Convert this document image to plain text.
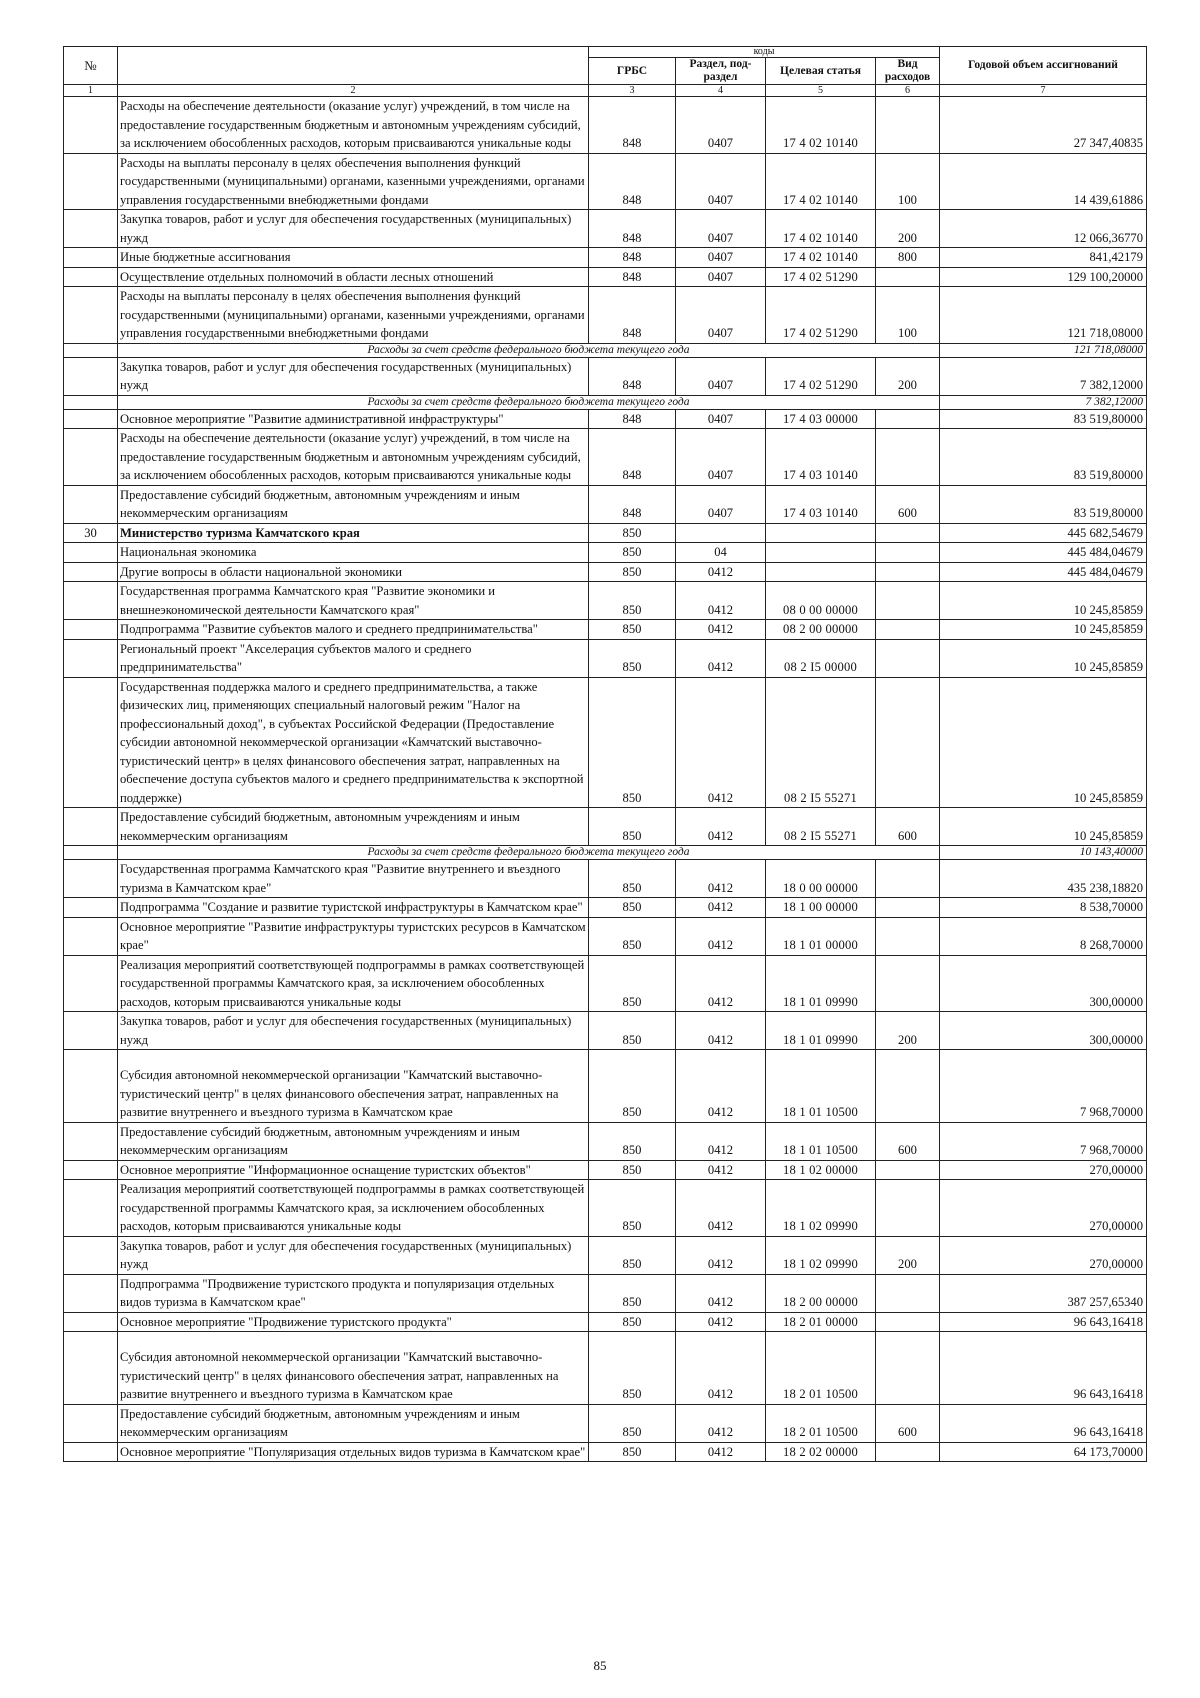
№		коды				Годовой объем ассигнований
		ГРБС	Раздел, под-раздел	Целевая статья	Вид расходов	
1	2	3	4	5	6	7
	Расходы на обеспечение деятельности (оказание услуг) учреждений, в том числе на предоставление государственным бюджетным и автономным учреждениям субсидий, за исключением обособленных расходов, которым присваиваются уникальные коды	848	0407	17 4 02 10140		27 347,40835
	Расходы на выплаты персоналу в целях обеспечения выполнения функций государственными (муниципальными) органами, казенными учреждениями, органами управления государственными внебюджетными фондами	848	0407	17 4 02 10140	100	14 439,61886
	Закупка товаров, работ и услуг для обеспечения государственных (муниципальных) нужд	848	0407	17 4 02 10140	200	12 066,36770
	Иные бюджетные ассигнования	848	0407	17 4 02 10140	800	841,42179
	Осуществление отдельных полномочий в области лесных отношений	848	0407	17 4 02 51290		129 100,20000
	Расходы на выплаты персоналу в целях обеспечения выполнения функций государственными (муниципальными) органами, казенными учреждениями, органами управления государственными внебюджетными фондами	848	0407	17 4 02 51290	100	121 718,08000
	Расходы за счет средств федерального бюджета текущего года					121 718,08000
	Закупка товаров, работ и услуг для обеспечения государственных (муниципальных) нужд	848	0407	17 4 02 51290	200	7 382,12000
	Расходы за счет средств федерального бюджета текущего года					7 382,12000
	Основное мероприятие "Развитие административной инфраструктуры"	848	0407	17 4 03 00000		83 519,80000
	Расходы на обеспечение деятельности (оказание услуг) учреждений, в том числе на предоставление государственным бюджетным и автономным учреждениям субсидий, за исключением обособленных расходов, которым присваиваются уникальные коды	848	0407	17 4 03 10140		83 519,80000
	Предоставление субсидий бюджетным, автономным учреждениям и иным некоммерческим организациям	848	0407	17 4 03 10140	600	83 519,80000
30	Министерство туризма Камчатского края	850				445 682,54679
	Национальная экономика	850	04			445 484,04679
	Другие вопросы в области национальной экономики	850	0412			445 484,04679
	Государственная программа Камчатского края "Развитие экономики и внешнеэкономической деятельности Камчатского края"	850	0412	08 0 00 00000		10 245,85859
	Подпрограмма "Развитие субъектов малого и среднего предпринимательства"	850	0412	08 2 00 00000		10 245,85859
	Региональный проект "Акселерация субъектов малого и среднего предпринимательства"	850	0412	08 2 I5 00000		10 245,85859
	Государственная поддержка малого и среднего предпринимательства, а также физических лиц, применяющих специальный налоговый режим "Налог на профессиональный доход", в субъектах Российской Федерации (Предоставление субсидии автономной некоммерческой организации «Камчатский выставочно-туристический центр» в целях финансового обеспечения затрат, направленных на обеспечение доступа субъектов малого и среднего предпринимательства к экспортной поддержке)	850	0412	08 2 I5 55271		10 245,85859
	Предоставление субсидий бюджетным, автономным учреждениям и иным некоммерческим организациям	850	0412	08 2 I5 55271	600	10 245,85859
	Расходы за счет средств федерального бюджета текущего года					10 143,40000
	Государственная программа Камчатского края "Развитие внутреннего и въездного туризма в Камчатском крае"	850	0412	18 0 00 00000		435 238,18820
	Подпрограмма "Создание и развитие туристской инфраструктуры в Камчатском крае"	850	0412	18 1 00 00000		8 538,70000
	Основное мероприятие "Развитие инфраструктуры туристских ресурсов в Камчатском крае"	850	0412	18 1 01 00000		8 268,70000
	Реализация мероприятий соответствующей подпрограммы в рамках соответствующей государственной программы Камчатского края, за исключением обособленных расходов, которым присваиваются уникальные коды	850	0412	18 1 01 09990		300,00000
	Закупка товаров, работ и услуг для обеспечения государственных (муниципальных) нужд	850	0412	18 1 01 09990	200	300,00000
	Субсидия автономной некоммерческой организации "Камчатский выставочно-туристический центр" в целях финансового обеспечения затрат, направленных на развитие внутреннего и въездного туризма в Камчатском крае	850	0412	18 1 01 10500		7 968,70000
	Предоставление субсидий бюджетным, автономным учреждениям и иным некоммерческим организациям	850	0412	18 1 01 10500	600	7 968,70000
	Основное мероприятие "Информационное оснащение туристских объектов"	850	0412	18 1 02 00000		270,00000
	Реализация мероприятий соответствующей подпрограммы в рамках соответствующей государственной программы Камчатского края, за исключением обособленных расходов, которым присваиваются уникальные коды	850	0412	18 1 02 09990		270,00000
	Закупка товаров, работ и услуг для обеспечения государственных (муниципальных) нужд	850	0412	18 1 02 09990	200	270,00000
	Подпрограмма "Продвижение туристского продукта и популяризация отдельных видов туризма в Камчатском крае"	850	0412	18 2 00 00000		387 257,65340
	Основное мероприятие "Продвижение туристского продукта"	850	0412	18 2 01 00000		96 643,16418
	Субсидия автономной некоммерческой организации "Камчатский выставочно-туристический центр" в целях финансового обеспечения затрат, направленных на развитие внутреннего и въездного туризма в Камчатском крае	850	0412	18 2 01 10500		96 643,16418
	Предоставление субсидий бюджетным, автономным учреждениям и иным некоммерческим организациям	850	0412	18 2 01 10500	600	96 643,16418
	Основное мероприятие "Популяризация отдельных видов туризма в Камчатском крае"	850	0412	18 2 02 00000		64 173,70000
85
